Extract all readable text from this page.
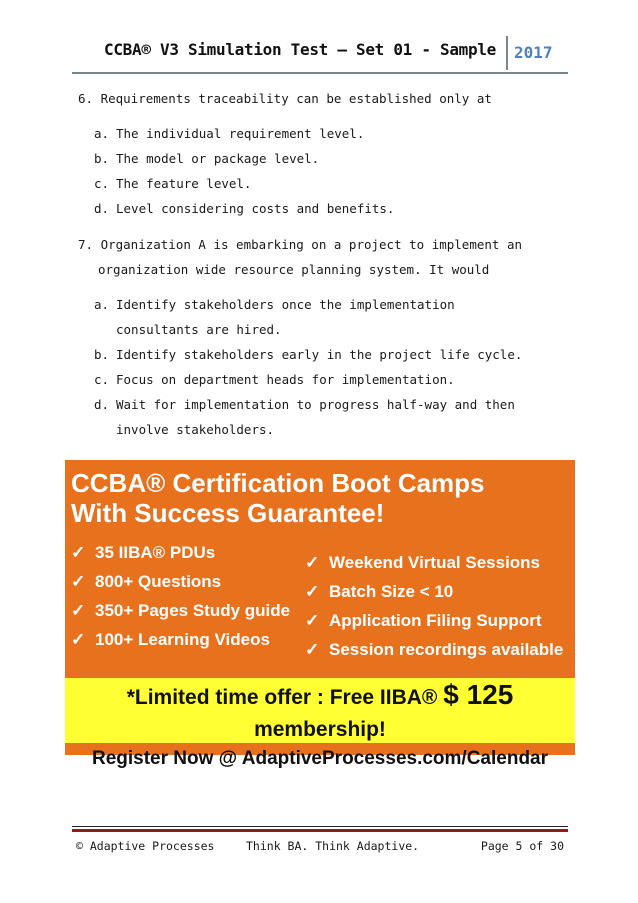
CCBA® V3 Simulation Test – Set 01 - Sample	2017

6. Requirements traceability can be established only at

a. The individual requirement level.
b. The model or package level.
c. The feature level.
d. Level considering costs and benefits.

7. Organization A is embarking on a project to implement an

organization wide resource planning system. It would

a. Identify stakeholders once the implementation consultants are hired.
b. Identify stakeholders early in the project life cycle.
c. Focus on department heads for implementation.
d. Wait for implementation to progress half-way and then involve stakeholders.
CCBA® Certification Boot Camps
With Success Guarantee!
✓ 35 IIBA® PDUs
✓ 800+ Questions
✓ 350+ Pages Study guide
✓ 100+ Learning Videos
✓ Weekend Virtual Sessions
✓ Batch Size < 10
✓ Application Filing Support
✓ Session recordings available
*Limited time offer : Free IIBA® $ 125 membership!
Register Now @ AdaptiveProcesses.com/Calendar
© Adaptive Processes	Think BA. Think Adaptive.	Page 5 of 30
